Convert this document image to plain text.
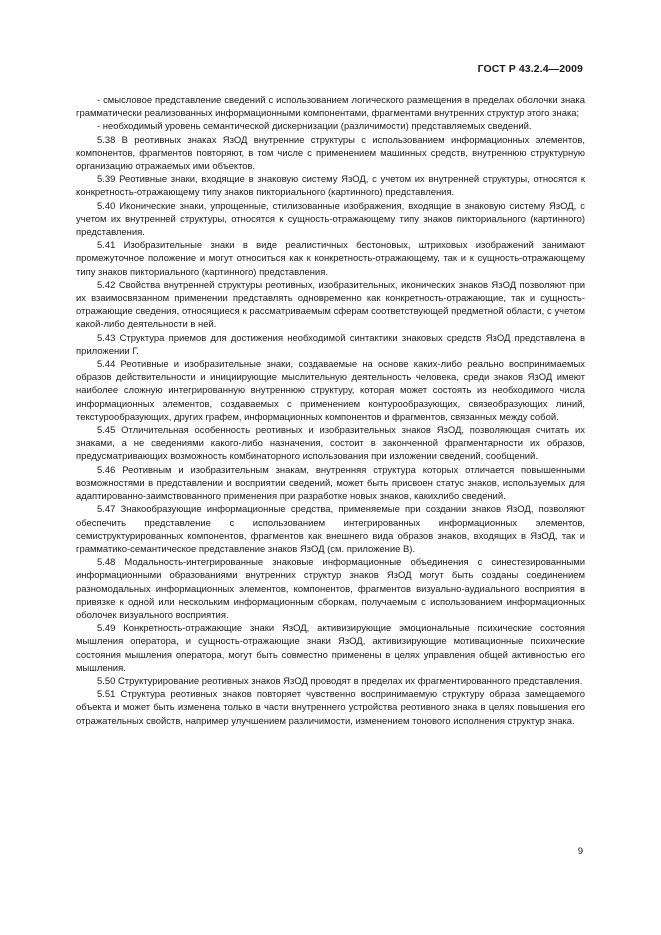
ГОСТ Р 43.2.4—2009

- смысловое представление сведений с использованием логического размещения в пределах оболочки знака грамматически реализованных информационными компонентами, фрагментами внутренних структур этого знака;

- необходимый уровень семантической дискернизации (различимости) представляемых сведений.

5.38 В реотивных знаках ЯзОД внутренние структуры с использованием информационных элементов, компонентов, фрагментов повторяют, в том числе с применением машинных средств, внутреннюю структурную организацию отражаемых ими объектов.

5.39 Реотивные знаки, входящие в знаковую систему ЯзОД, с учетом их внутренней структуры, относятся к конкретность-отражающему типу знаков пикториального (картинного) представления.

5.40 Иконические знаки, упрощенные, стилизованные изображения, входящие в знаковую систему ЯзОД, с учетом их внутренней структуры, относятся к сущность-отражающему типу знаков пикториального (картинного) представления.

5.41 Изобразительные знаки в виде реалистичных бестоновых, штриховых изображений занимают промежуточное положение и могут относиться как к конкретность-отражающему, так и к сущность-отражающему типу знаков пикториального (картинного) представления.

5.42 Свойства внутренней структуры реотивных, изобразительных, иконических знаков ЯзОД позволяют при их взаимосвязанном применении представлять одновременно как конкретность-отражающие, так и сущность-отражающие сведения, относящиеся к рассматриваемым сферам соответствующей предметной области, с учетом какой-либо деятельности в ней.

5.43 Структура приемов для достижения необходимой синтактики знаковых средств ЯзОД представлена в приложении Г.

5.44 Реотивные и изобразительные знаки, создаваемые на основе каких-либо реально воспринимаемых образов действительности и инициирующие мыслительную деятельность человека, среди знаков ЯзОД имеют наиболее сложную интегрированную внутреннюю структуру, которая может состоять из необходимого числа информационных элементов, создаваемых с применением контурообразующих, связеобразующих линий, текстурообразующих, других графем, информационных компонентов и фрагментов, связанных между собой.

5.45 Отличительная особенность реотивных и изобразительных знаков ЯзОД, позволяющая считать их знаками, а не сведениями какого-либо назначения, состоит в законченной фрагментарности их образов, предусматривающих возможность комбинаторного использования при изложении сведений, сообщений.

5.46 Реотивным и изобразительным знакам, внутренняя структура которых отличается повышенными возможностями в представлении и восприятии сведений, может быть присвоен статус знаков, используемых для адаптированно-заимствованного применения при разработке новых знаков, какихлибо сведений.

5.47 Знакообразующие информационные средства, применяемые при создании знаков ЯзОД, позволяют обеспечить представление с использованием интегрированных информационных элементов, семиструктурированных компонентов, фрагментов как внешнего вида образов знаков, входящих в ЯзОД, так и грамматико-семантическое представление знаков ЯзОД (см. приложение В).

5.48 Модальность-интегрированные знаковые информационные объединения с синестезированными информационными образованиями внутренних структур знаков ЯзОД могут быть созданы соединением разномодальных информационных элементов, компонентов, фрагментов визуально-аудиального восприятия в привязке к одной или нескольким информационным сборкам, получаемым с использованием информационных оболочек визуального восприятия.

5.49 Конкретность-отражающие знаки ЯзОД, активизирующие эмоциональные психические состояния мышления оператора, и сущность-отражающие знаки ЯзОД, активизирующие мотивационные психические состояния мышления оператора, могут быть совместно применены в целях управления общей активностью его мышления.

5.50 Структурирование реотивных знаков ЯзОД проводят в пределах их фрагментированного представления.

5.51 Структура реотивных знаков повторяет чувственно воспринимаемую структуру образа замещаемого объекта и может быть изменена только в части внутреннего устройства реотивного знака в целях повышения его отражательных свойств, например улучшением различимости, изменением тонового исполнения структур знака.

9
